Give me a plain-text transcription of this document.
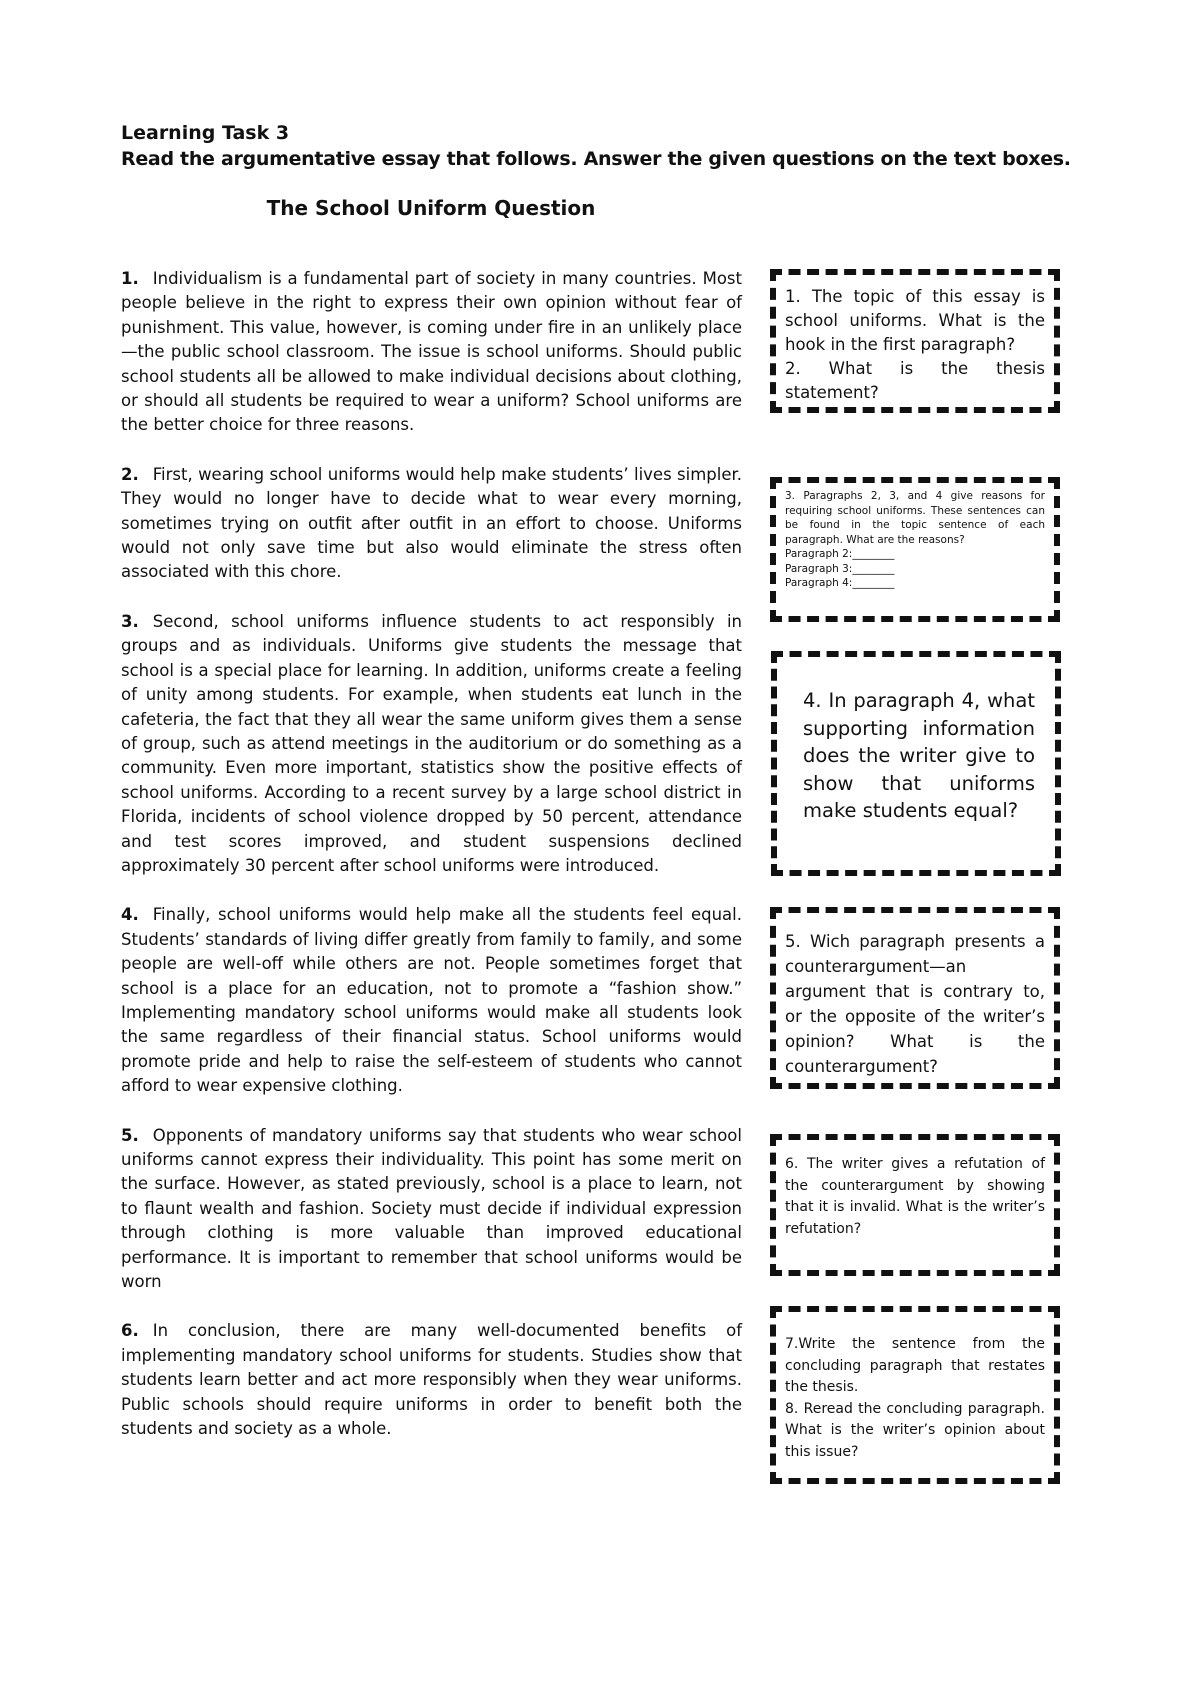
Learning Task 3

Read the argumentative essay that follows. Answer the given questions on the text boxes.

The School Uniform Question

1. Individualism is a fundamental part of society in many countries. Most people believe in the right to express their own opinion without fear of punishment. This value, however, is coming under fire in an unlikely place—the public school classroom. The issue is school uniforms. Should public school students all be allowed to make individual decisions about clothing, or should all students be required to wear a uniform? School uniforms are the better choice for three reasons.

2. First, wearing school uniforms would help make students’ lives simpler. They would no longer have to decide what to wear every morning, sometimes trying on outfit after outfit in an effort to choose. Uniforms would not only save time but also would eliminate the stress often associated with this chore.

3. Second, school uniforms influence students to act responsibly in groups and as individuals. Uniforms give students the message that school is a special place for learning. In addition, uniforms create a feeling of unity among students. For example, when students eat lunch in the cafeteria, the fact that they all wear the same uniform gives them a sense of group, such as attend meetings in the auditorium or do something as a community. Even more important, statistics show the positive effects of school uniforms. According to a recent survey by a large school district in Florida, incidents of school violence dropped by 50 percent, attendance and test scores improved, and student suspensions declined approximately 30 percent after school uniforms were introduced.

4. Finally, school uniforms would help make all the students feel equal. Students’ standards of living differ greatly from family to family, and some people are well-off while others are not. People sometimes forget that school is a place for an education, not to promote a “fashion show.” Implementing mandatory school uniforms would make all students look the same regardless of their financial status. School uniforms would promote pride and help to raise the self-esteem of students who cannot afford to wear expensive clothing.

5. Opponents of mandatory uniforms say that students who wear school uniforms cannot express their individuality. This point has some merit on the surface. However, as stated previously, school is a place to learn, not to flaunt wealth and fashion. Society must decide if individual expression through clothing is more valuable than improved educational performance. It is important to remember that school uniforms would be worn

6. In conclusion, there are many well-documented benefits of implementing mandatory school uniforms for students. Studies show that students learn better and act more responsibly when they wear uniforms. Public schools should require uniforms in order to benefit both the students and society as a whole.

1. The topic of this essay is school uniforms. What is the hook in the first paragraph?

2. What is the thesis statement?

3. Paragraphs 2, 3, and 4 give reasons for requiring school uniforms. These sentences can be found in the topic sentence of each paragraph. What are the reasons?

Paragraph 2:________

Paragraph 3:________

Paragraph 4:________

4. In paragraph 4, what supporting information does the writer give to show that uniforms make students equal?

5. Wich paragraph presents a counterargument—an argument that is contrary to, or the opposite of the writer’s opinion? What is the counterargument?

6. The writer gives a refutation of the counterargument by showing that it is invalid. What is the writer’s refutation?

7.Write the sentence from the concluding paragraph that restates the thesis.

8. Reread the concluding paragraph. What is the writer’s opinion about this issue?
